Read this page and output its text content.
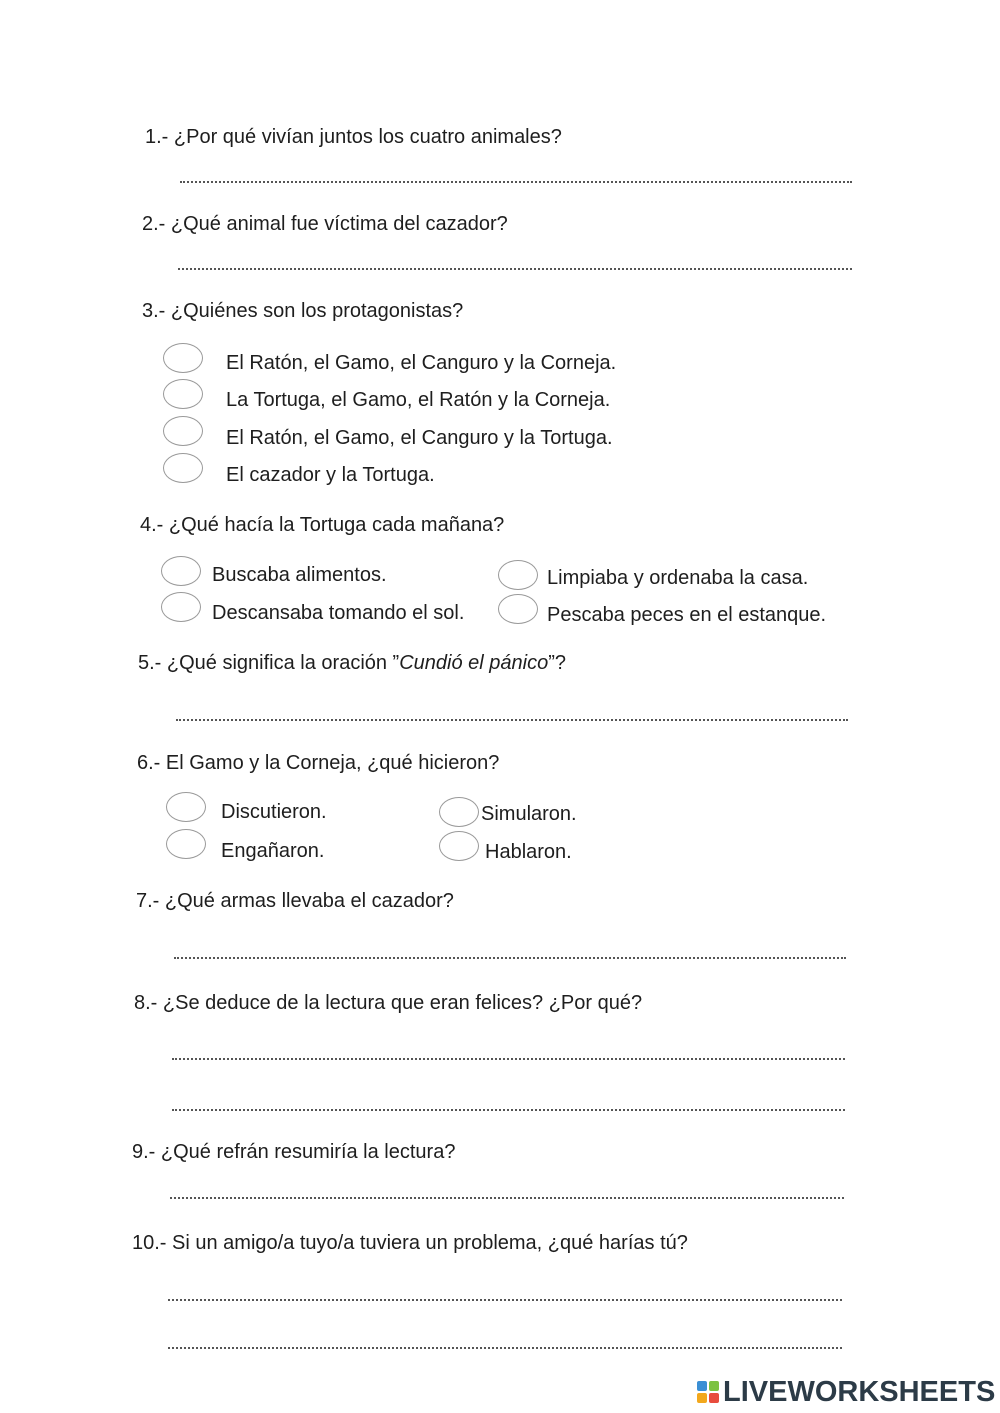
1.- ¿Por qué vivían juntos los cuatro animales?
2.- ¿Qué animal fue víctima del cazador?
3.- ¿Quiénes son los protagonistas?
El Ratón, el Gamo, el Canguro y la Corneja.
La Tortuga, el Gamo, el Ratón y la Corneja.
El Ratón, el Gamo, el Canguro y la Tortuga.
El cazador y la Tortuga.
4.- ¿Qué hacía la Tortuga cada mañana?
Buscaba alimentos.
Descansaba tomando el sol.
Limpiaba y ordenaba la casa.
Pescaba peces en el estanque.
5.- ¿Qué significa la oración ”Cundió el pánico”?
6.- El Gamo y la Corneja, ¿qué hicieron?
Discutieron.
Engañaron.
Simularon.
Hablaron.
7.- ¿Qué armas llevaba el cazador?
8.- ¿Se deduce de la lectura que eran felices? ¿Por qué?
9.- ¿Qué refrán resumiría la lectura?
10.- Si un amigo/a tuyo/a tuviera un problema, ¿qué harías tú?
LIVEWORKSHEETS
